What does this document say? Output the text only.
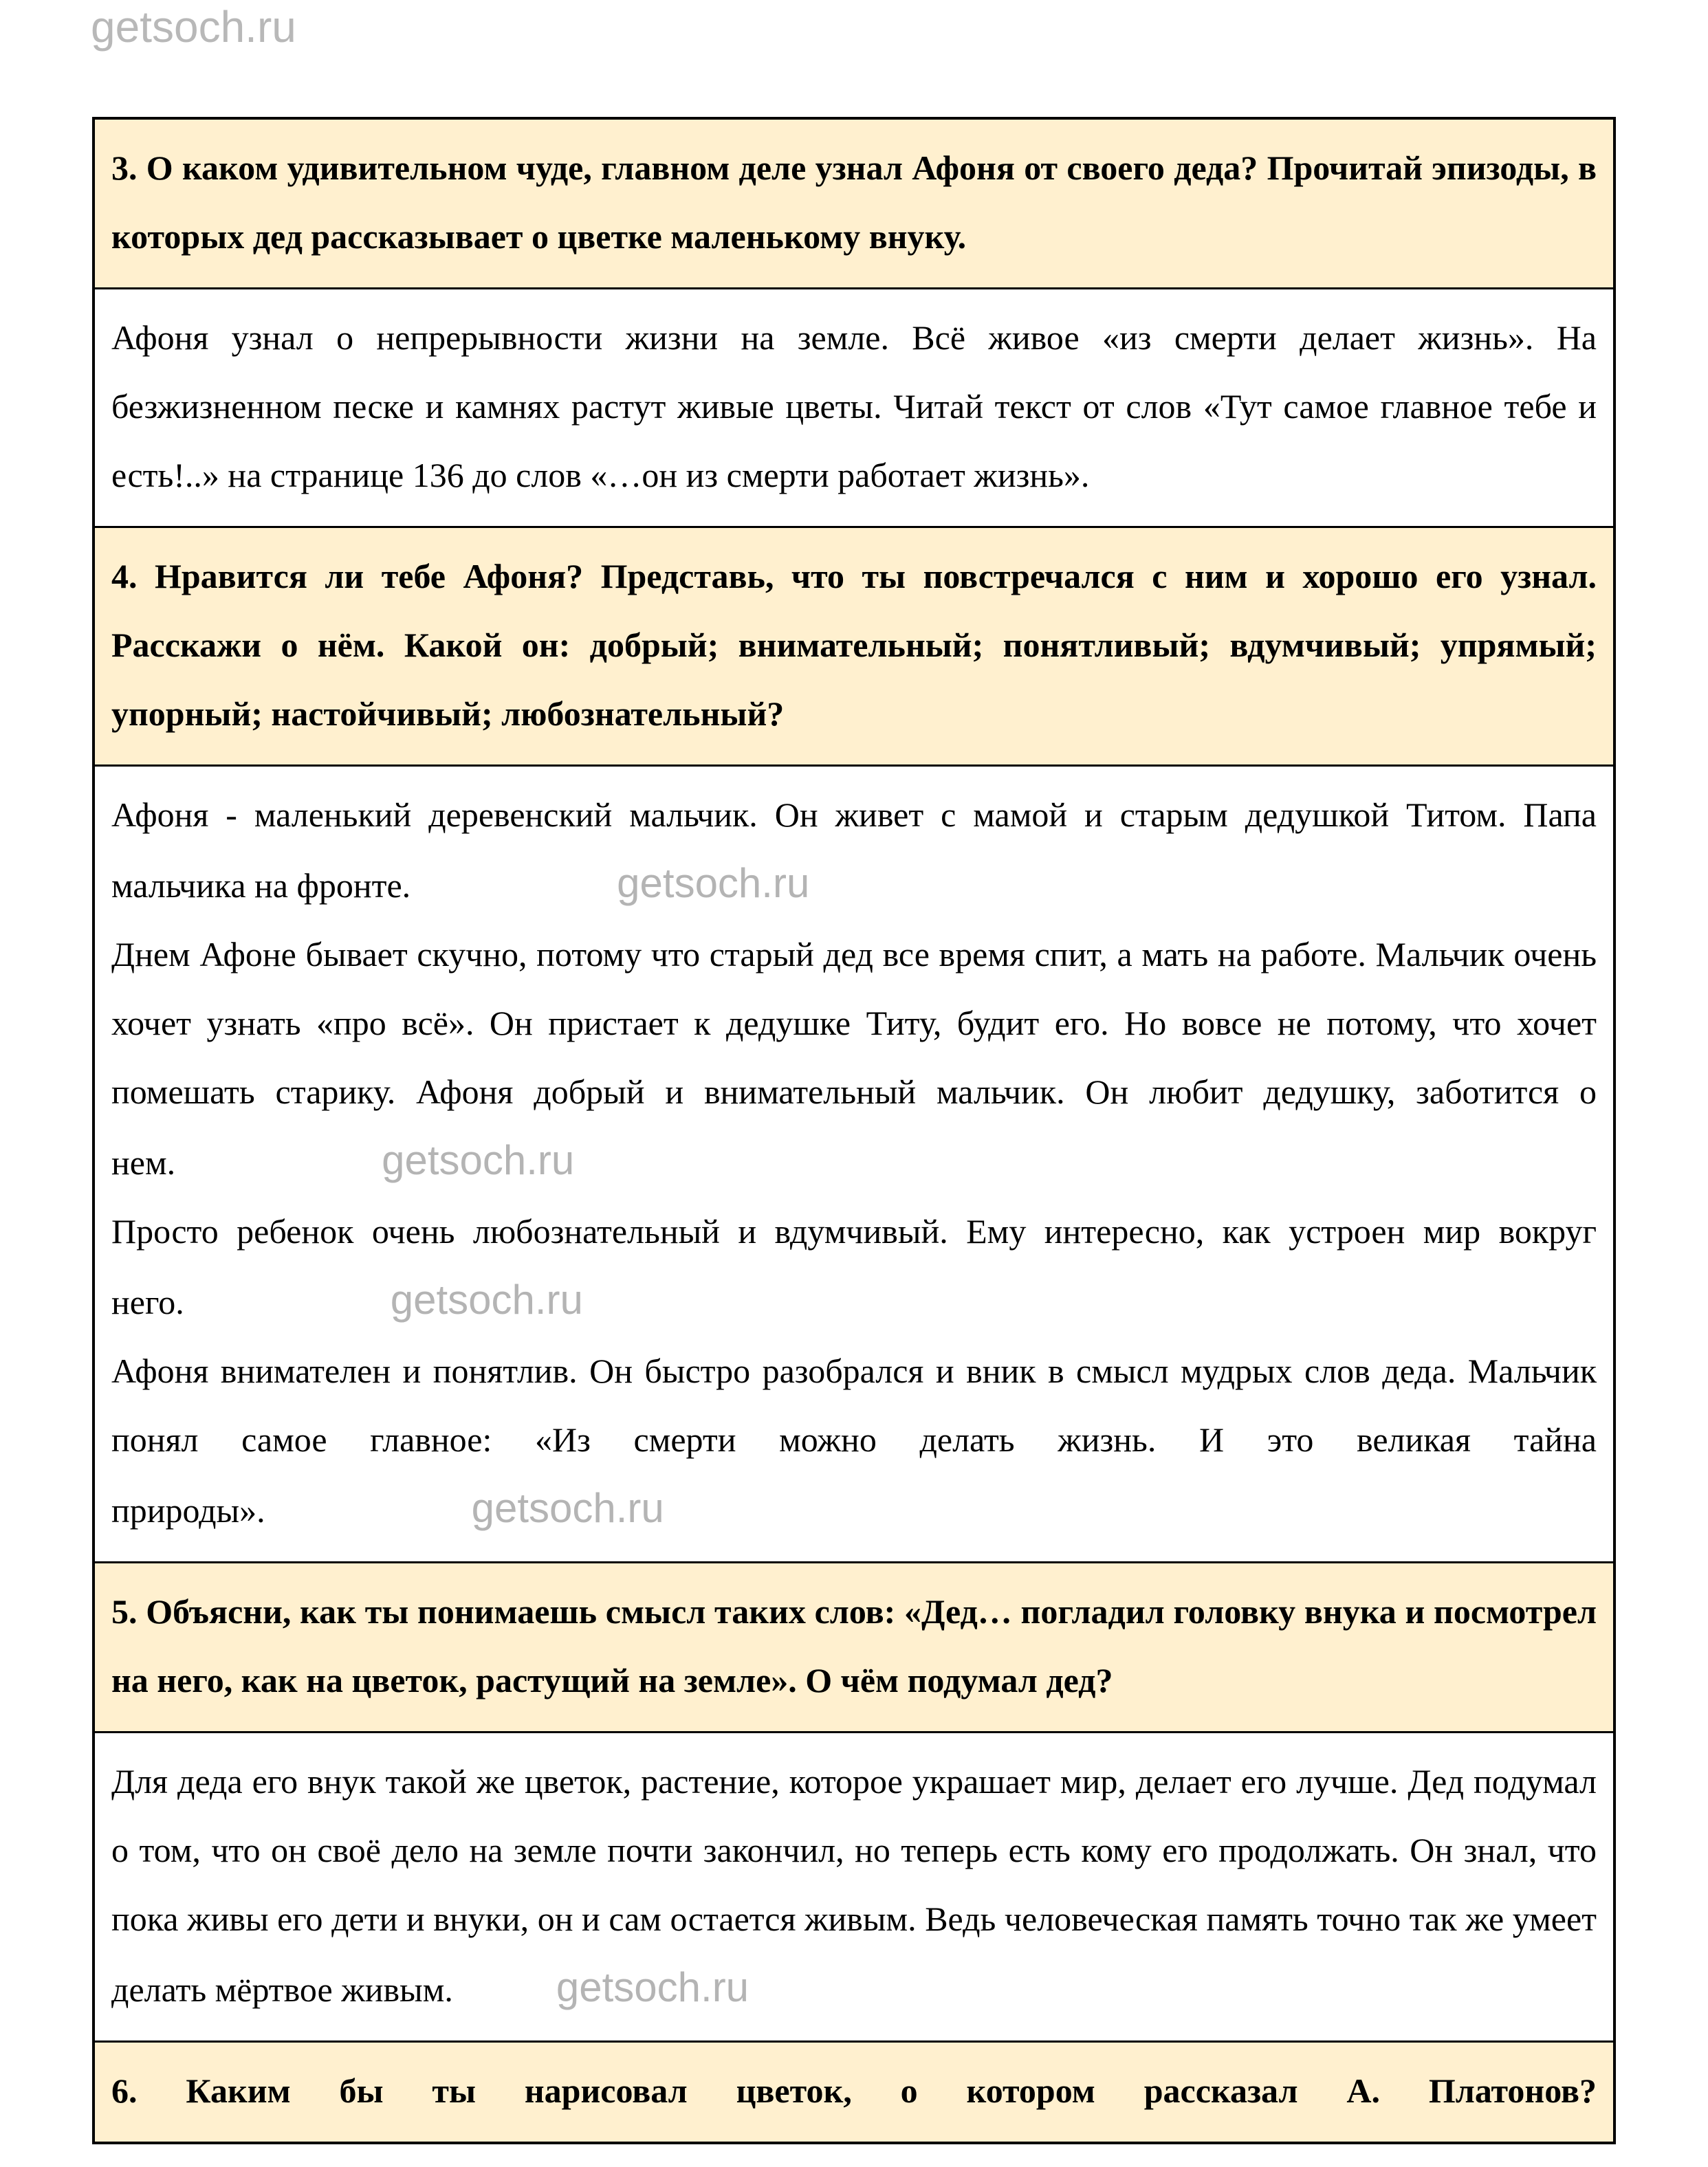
getsoch.ru
3. О каком удивительном чуде, главном деле узнал Афоня от своего деда? Прочитай эпизоды, в которых дед рассказывает о цветке маленькому внуку.

Афоня узнал о непрерывности жизни на земле. Всё живое «из смерти делает жизнь». На безжизненном песке и камнях растут живые цветы. Читай текст от слов «Тут самое главное тебе и есть!..» на странице 136 до слов «…он из смерти работает жизнь».

4. Нравится ли тебе Афоня? Представь, что ты повстречался с ним и хорошо его узнал. Расскажи о нём. Какой он: добрый; внимательный; понятливый; вдумчивый; упрямый; упорный; настойчивый; любознательный?

Афоня - маленький деревенский мальчик. Он живет с мамой и старым дедушкой Титом. Папа мальчика на фронте.	getsoch.ru

Днем Афоне бывает скучно, потому что старый дед все время спит, а мать на работе. Мальчик очень хочет узнать «про всё». Он пристает к дедушке Титу, будит его. Но вовсе не потому, что хочет помешать старику. Афоня добрый и внимательный мальчик. Он любит дедушку, заботится о нем.	getsoch.ru

Просто ребенок очень любознательный и вдумчивый. Ему интересно, как устроен мир вокруг него.	getsoch.ru

Афоня внимателен и понятлив. Он быстро разобрался и вник в смысл мудрых слов деда. Мальчик понял самое главное: «Из смерти можно делать жизнь. И это великая тайна природы».	getsoch.ru

5. Объясни, как ты понимаешь смысл таких слов: «Дед… погладил головку внука и посмотрел на него, как на цветок, растущий на земле». О чём подумал дед?

Для деда его внук такой же цветок, растение, которое украшает мир, делает его лучше. Дед подумал о том, что он своё дело на земле почти закончил, но теперь есть кому его продолжать. Он знал, что пока живы его дети и внуки, он и сам остается живым. Ведь человеческая память точно так же умеет делать мёртвое живым.	getsoch.ru

6. Каким бы ты нарисовал цветок, о котором рассказал А. Платонов?
